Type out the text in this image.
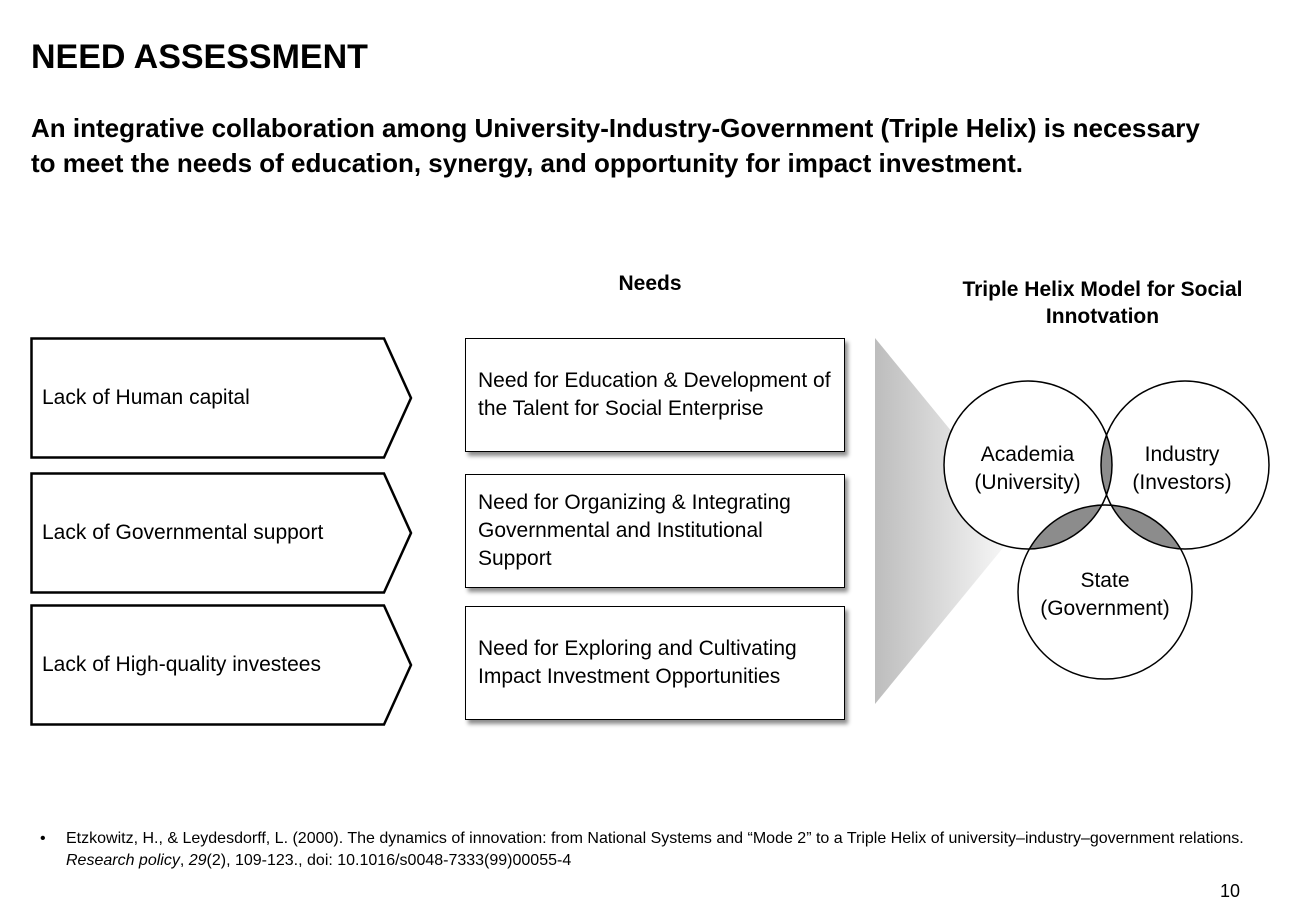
NEED ASSESSMENT

An integrative collaboration among University-Industry-Government (Triple Helix) is necessary to meet the needs of education, synergy, and opportunity for impact investment.

Needs	Triple Helix Model for Social Innotvation
Lack of Human capital
Lack of Governmental support
Lack of High-quality investees
Need for Education & Development of the Talent for Social Enterprise
Need for Organizing & Integrating Governmental and Institutional Support
Need for Exploring and Cultivating Impact Investment Opportunities
Academia
(University)
Industry
(Investors)
State
(Government)
• Etzkowitz, H., & Leydesdorff, L. (2000). The dynamics of innovation: from National Systems and “Mode 2” to a Triple Helix of university–industry–government relations. Research policy, 29(2), 109-123., doi: 10.1016/s0048-7333(99)00055-4
10
